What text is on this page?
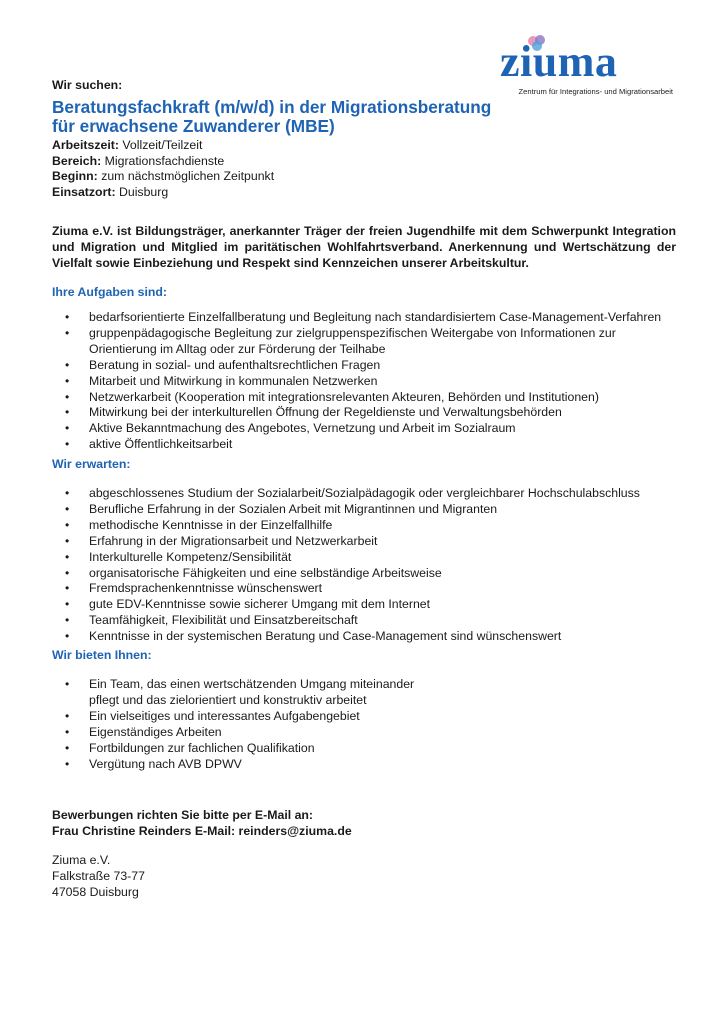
ziuma
Zentrum für Integrations- und Migrationsarbeit
Wir suchen:
Beratungsfachkraft (m/w/d) in der Migrationsberatung
für erwachsene Zuwanderer (MBE)
Arbeitszeit: Vollzeit/Teilzeit
Bereich: Migrationsfachdienste
Beginn: zum nächstmöglichen Zeitpunkt
Einsatzort: Duisburg
Ziuma e.V. ist Bildungsträger, anerkannter Träger der freien Jugendhilfe mit dem Schwerpunkt Integration und Migration und Mitglied im paritätischen Wohlfahrtsverband. Anerkennung und Wertschätzung der Vielfalt sowie Einbeziehung und Respekt sind Kennzeichen unserer Arbeitskultur.
Ihre Aufgaben sind:
• bedarfsorientierte Einzelfallberatung und Begleitung nach standardisiertem Case-Management-Verfahren
• gruppenpädagogische Begleitung zur zielgruppenspezifischen Weitergabe von Informationen zur Orientierung im Alltag oder zur Förderung der Teilhabe
• Beratung in sozial- und aufenthaltsrechtlichen Fragen
• Mitarbeit und Mitwirkung in kommunalen Netzwerken
• Netzwerkarbeit (Kooperation mit integrationsrelevanten Akteuren, Behörden und Institutionen)
• Mitwirkung bei der interkulturellen Öffnung der Regeldienste und Verwaltungsbehörden
• Aktive Bekanntmachung des Angebotes, Vernetzung und Arbeit im Sozialraum
• aktive Öffentlichkeitsarbeit
Wir erwarten:
• abgeschlossenes Studium der Sozialarbeit/Sozialpädagogik oder vergleichbarer Hochschulabschluss
• Berufliche Erfahrung in der Sozialen Arbeit mit Migrantinnen und Migranten
• methodische Kenntnisse in der Einzelfallhilfe
• Erfahrung in der Migrationsarbeit und Netzwerkarbeit
• Interkulturelle Kompetenz/Sensibilität
• organisatorische Fähigkeiten und eine selbständige Arbeitsweise
• Fremdsprachenkenntnisse wünschenswert
• gute EDV-Kenntnisse sowie sicherer Umgang mit dem Internet
• Teamfähigkeit, Flexibilität und Einsatzbereitschaft
• Kenntnisse in der systemischen Beratung und Case-Management sind wünschenswert
Wir bieten Ihnen:
• Ein Team, das einen wertschätzenden Umgang miteinander
pflegt und das zielorientiert und konstruktiv arbeitet
• Ein vielseitiges und interessantes Aufgabengebiet
• Eigenständiges Arbeiten
• Fortbildungen zur fachlichen Qualifikation
• Vergütung nach AVB DPWV
Bewerbungen richten Sie bitte per E-Mail an:
Frau Christine Reinders E-Mail: reinders@ziuma.de
Ziuma e.V.
Falkstraße 73-77
47058 Duisburg
